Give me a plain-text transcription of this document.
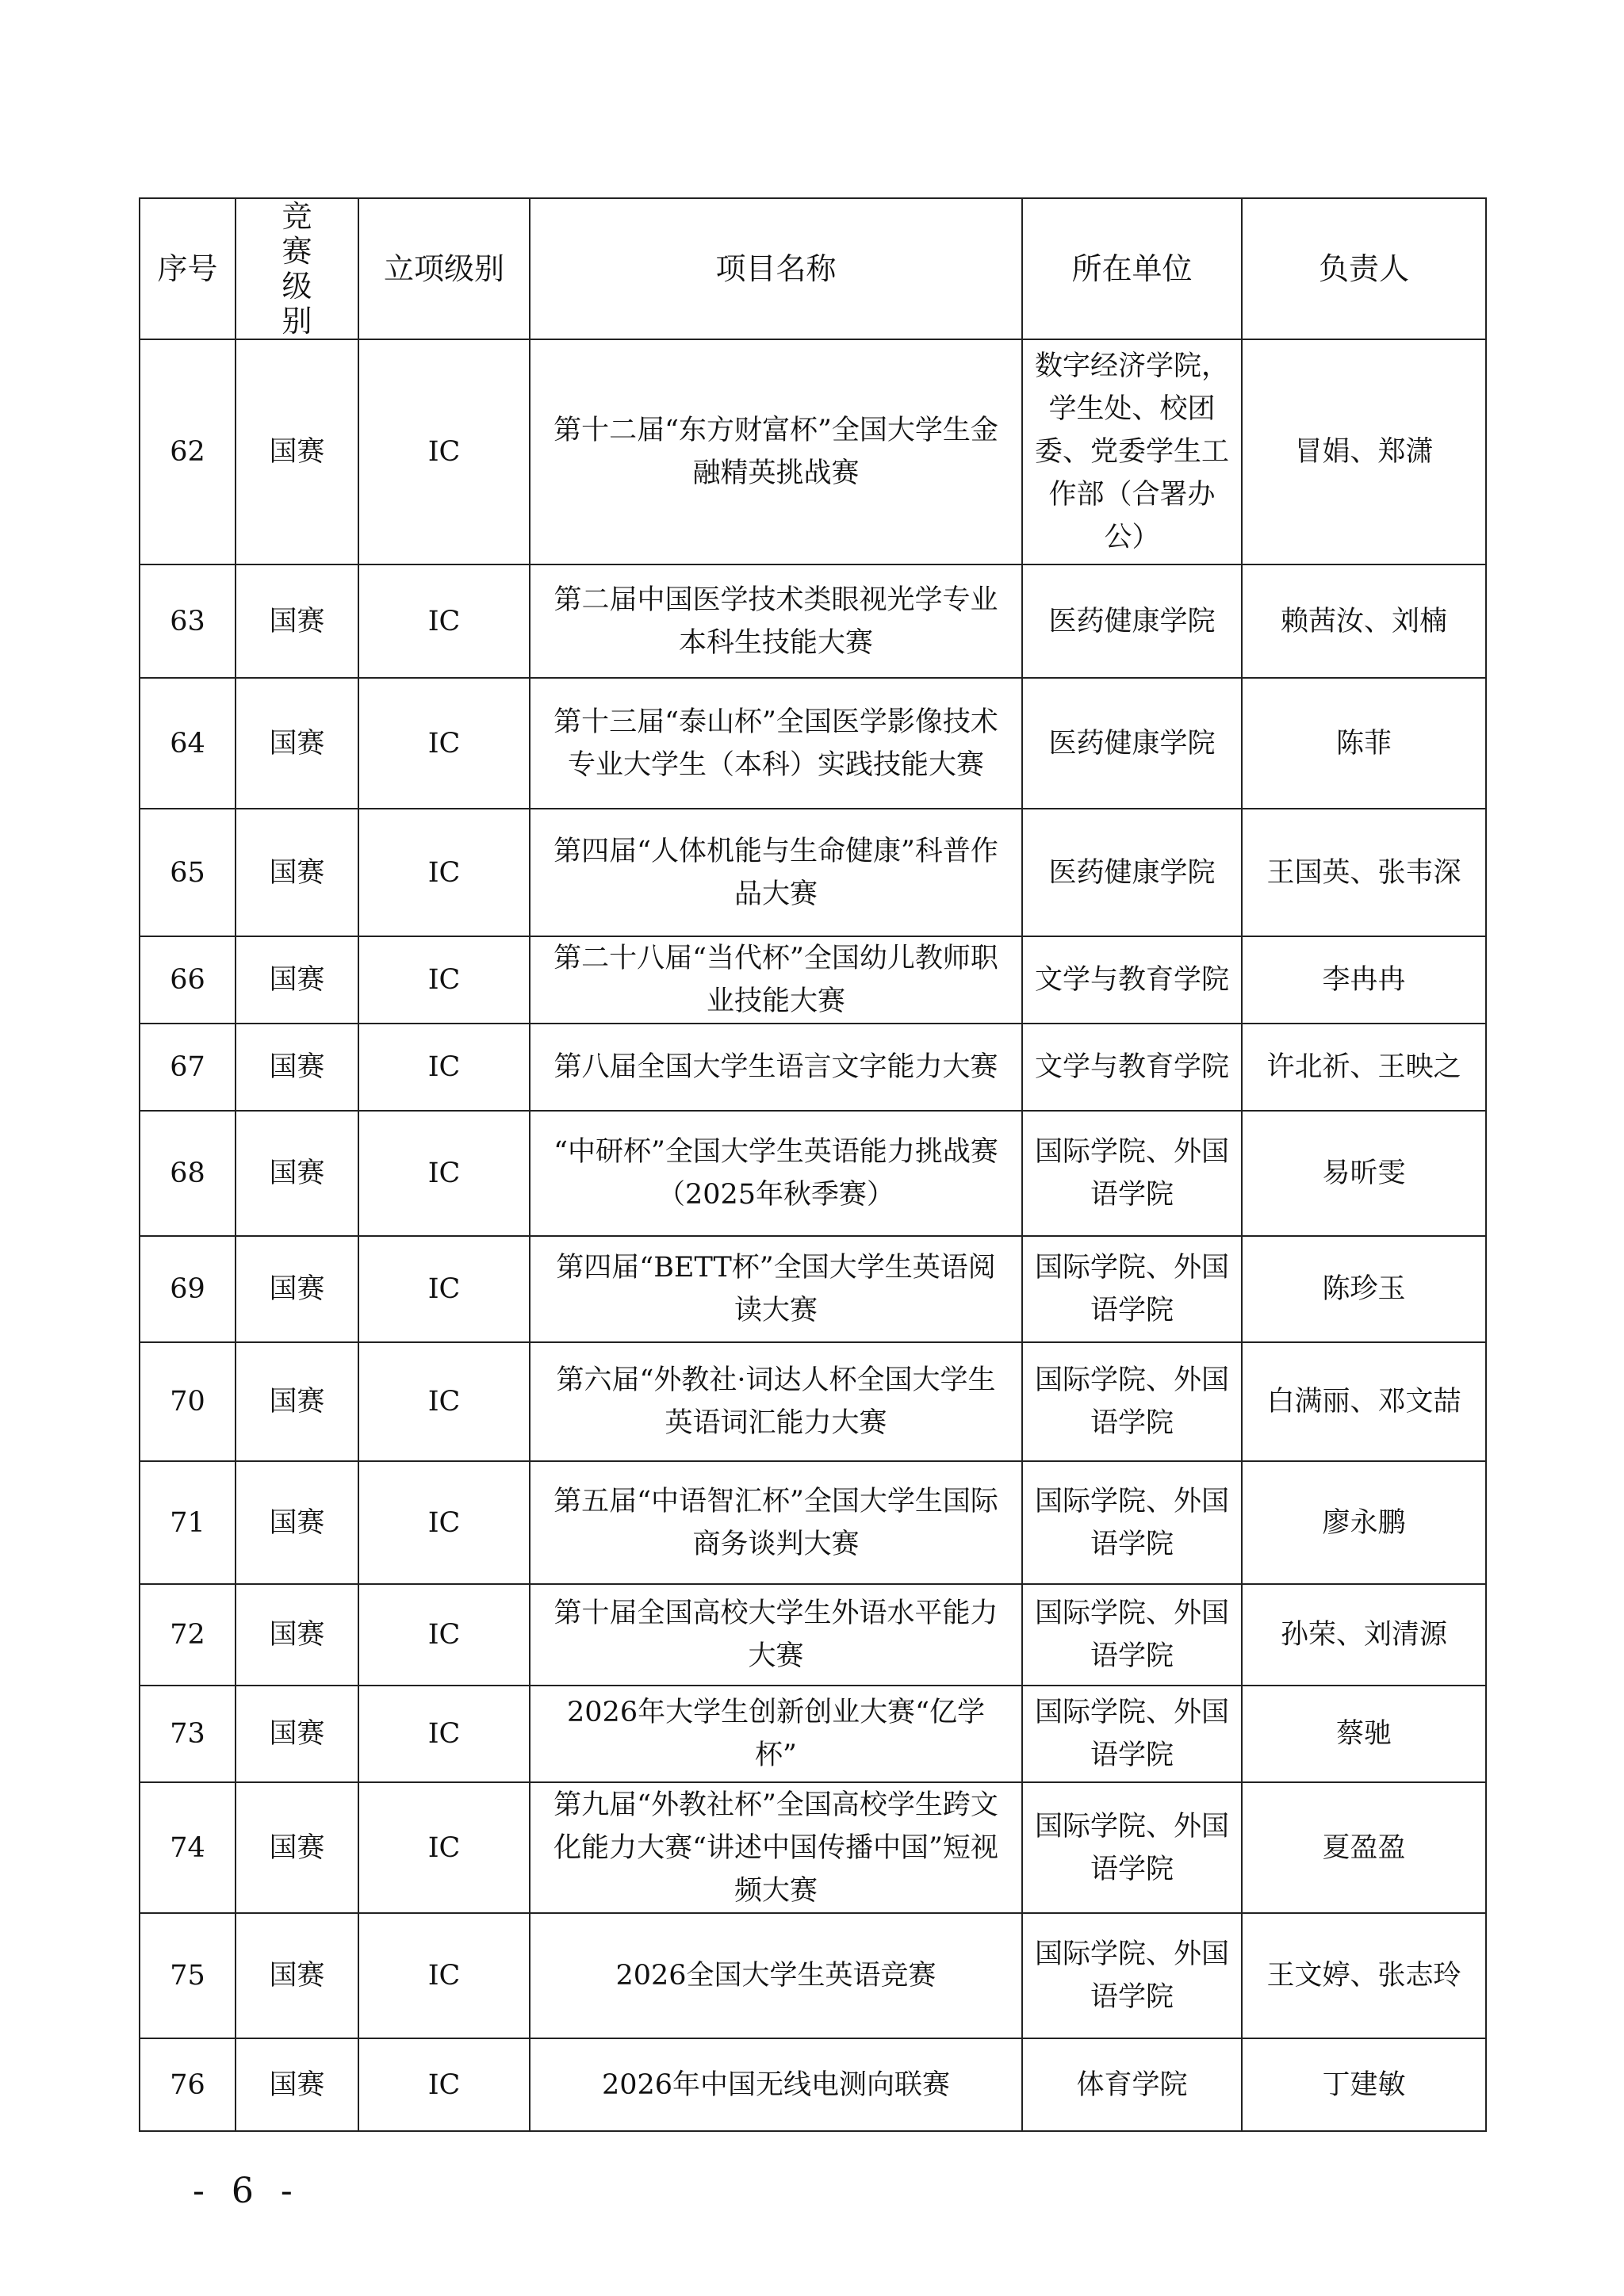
序号	竞赛级别	立项级别	项目名称	所在单位	负责人
62	国赛	ⅠC	第十二届“东方财富杯”全国大学生金融精英挑战赛	数字经济学院，学生处、校团委、党委学生工作部（合署办公）	冒娟、郑潇
63	国赛	ⅠC	第二届中国医学技术类眼视光学专业本科生技能大赛	医药健康学院	赖茜汝、刘楠
64	国赛	ⅠC	第十三届“泰山杯”全国医学影像技术专业大学生（本科）实践技能大赛	医药健康学院	陈菲
65	国赛	ⅠC	第四届“人体机能与生命健康”科普作品大赛	医药健康学院	王国英、张韦深
66	国赛	ⅠC	第二十八届“当代杯”全国幼儿教师职业技能大赛	文学与教育学院	李冉冉
67	国赛	ⅠC	第八届全国大学生语言文字能力大赛	文学与教育学院	许北祈、王映之
68	国赛	ⅠC	“中研杯”全国大学生英语能力挑战赛（2025年秋季赛）	国际学院、外国语学院	易昕雯
69	国赛	ⅠC	第四届“BETT杯”全国大学生英语阅读大赛	国际学院、外国语学院	陈珍玉
70	国赛	ⅠC	第六届“外教社·词达人杯全国大学生英语词汇能力大赛	国际学院、外国语学院	白满丽、邓文喆
71	国赛	ⅠC	第五届“中语智汇杯”全国大学生国际商务谈判大赛	国际学院、外国语学院	廖永鹏
72	国赛	ⅠC	第十届全国高校大学生外语水平能力大赛	国际学院、外国语学院	孙荣、刘清源
73	国赛	ⅠC	2026年大学生创新创业大赛“亿学杯”	国际学院、外国语学院	蔡驰
74	国赛	ⅠC	第九届“外教社杯”全国高校学生跨文化能力大赛“讲述中国传播中国”短视频大赛	国际学院、外国语学院	夏盈盈
75	国赛	ⅠC	2026全国大学生英语竞赛	国际学院、外国语学院	王文婷、张志玲
76	国赛	ⅠC	2026年中国无线电测向联赛	体育学院	丁建敏
- 6 -
